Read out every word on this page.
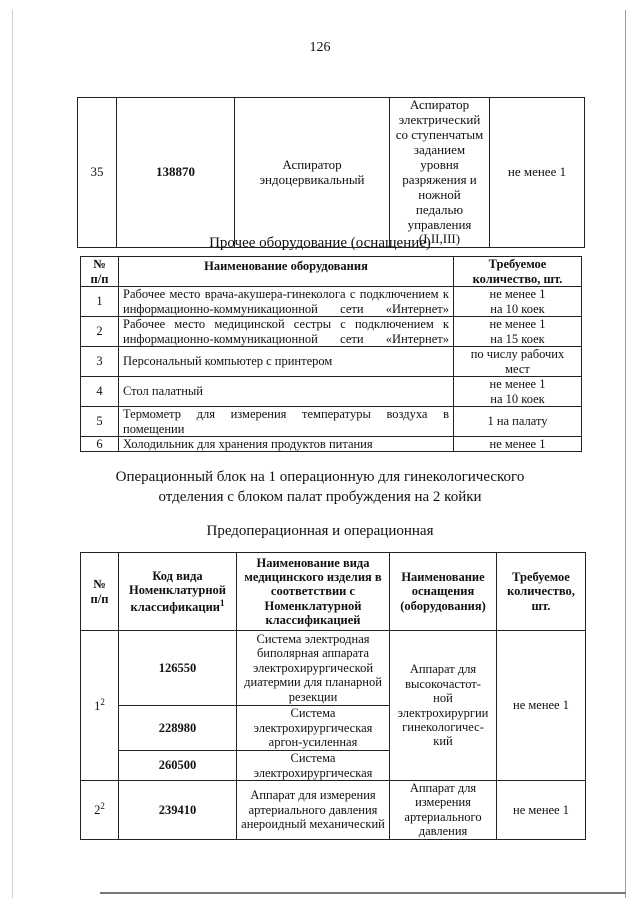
126
35	138870	Аспиратор эндоцервикальный	Аспиратор электрический со ступенчатым заданием уровня разряжения и ножной педалью управления (I,II,III)	не менее 1
Прочее оборудование (оснащение)
№ п/п	Наименование оборудования	Требуемое количество, шт.
1	Рабочее место врача-акушера-гинеколога с подключением к информационно-коммуникационной сети «Интернет»	не менее 1
на 10 коек

2	Рабочее место медицинской сестры с подключением к информационно-коммуникационной сети «Интернет»	не менее 1
на 15 коек

3	Персональный компьютер с принтером	по числу рабочих
мест

4	Стол палатный	не менее 1
на 10 коек

5	Термометр для измерения температуры воздуха в помещении	1 на палату

6	Холодильник для хранения продуктов питания	не менее 1
Операционный блок на 1 операционную для гинекологического
отделения с блоком палат пробуждения на 2 койки
Предоперационная и операционная
№ п/п	Код вида Номенклатурной классификации$^1$	Наименование вида медицинского изделия в соответствии с Номенклатурной классификацией	Наименование оснащения (оборудования)	Требуемое количество, шт.
$1^2$	126550	Система электродная биполярная аппарата электрохирургической диатермии для планарной резекции	Аппарат для высокочастот- ной электрохирургии гинекологичес- кий	не менее 1
	228980	Система электрохирургическая аргон-усиленная		
	260500	Система электрохирургическая		
$2^2$	239410	Аппарат для измерения артериального давления анероидный механический	Аппарат для измерения артериального давления	не менее 1
